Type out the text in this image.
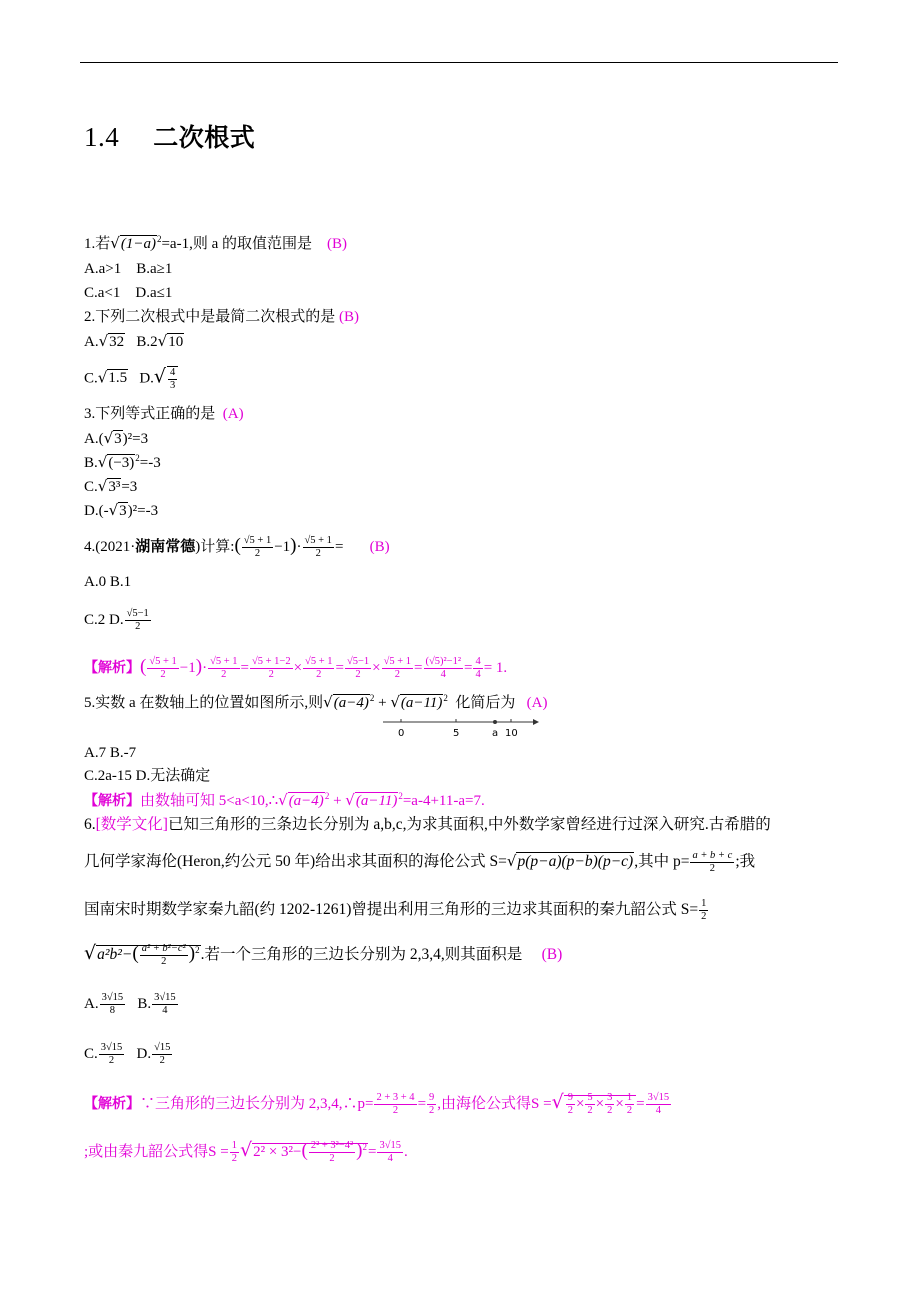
1.4 二次根式
1.若$√(1-a)^2=a-1$,则 a 的取值范围是 (B)
A.a>1 B.a≥1
C.a<1 D.a≤1
2.下列二次根式中是最简二次根式的是 (B)
A.√32 B.2√10
C.√1.5 $D.√ \frac{4}{3}$
3.下列等式正确的是 (A)
A.(√3)²=3
$B.√(-3)^2=-3$
C.√3³=3
D.(-√3)²=-3
4.(2021·湖南常德)计算:( $\frac{√5 + 1}{2} -1)\cdot \frac{√5 + 1}{2}$ =       (B)
A.0 B.1
C.2 D. $\frac{√5-1}{2}$
【解析】( $\frac{√5 + 1}{2} -1)\cdot \frac{√5 + 1}{2} = \frac{√5 + 1-2}{2} \times \frac{√5 + 1}{2} = \frac{√5-1}{2} \times \frac{√5 + 1}{2} = \frac{\text{(√5)²−1²}}{4} = \frac{4}{4} = 1$.
5.实数 a 在数轴上的位置如图所示,则$√(a-4)^2 + √(a-11)^2$ 化简后为 (A)
0	5	a 10
A.7 B.-7
C.2a-15 D.无法确定
【解析】由数轴可知 $5<a<10,\therefore√(a-4)^2 + √(a-11)^2=a-4+11-a=7$.
6.[数学文化]已知三角形的三条边长分别为 a,b,c,为求其面积,中外数学家曾经进行过深入研究.古希腊的
几何学家海伦(Heron,约公元 50 年)给出求其面积的海伦公式 S=√p(p−a)(p−b)(p−c),其中 $p= \frac{a + b + c}{2}$ ;我
国南宋时期数学家秦九韶(约 1202-1261)曾提出利用三角形的三边求其面积的秦九韶公式 $S= \frac{1}{2}$
$√a^2b^2-( \frac{\text{a² + b²−c²}}{2} )^2$.若一个三角形的三边长分别为 2,3,4,则其面积是 (B)
A. $\frac{3√15}{8} B$. $\frac{3√15}{4}$
C. $\frac{3√15}{2} D$. $\frac{√15}{2}$
【解析】∵三角形的三边长分别为 2,3,4,∴p= $\frac{2 + 3 + 4}{2} = \frac{9}{2}$ ,由海伦公式得S =√ $\frac{9}{2} \times \frac{5}{2} \times \frac{3}{2} \times \frac{1}{2} = \frac{3√15}{4}$
;或由秦九韶公式得$S = \frac{1}{2} √2^2 \times 3^2-( \frac{\text{2² + 3²−4²}}{2} )^2= \frac{3√15}{4}$ .
